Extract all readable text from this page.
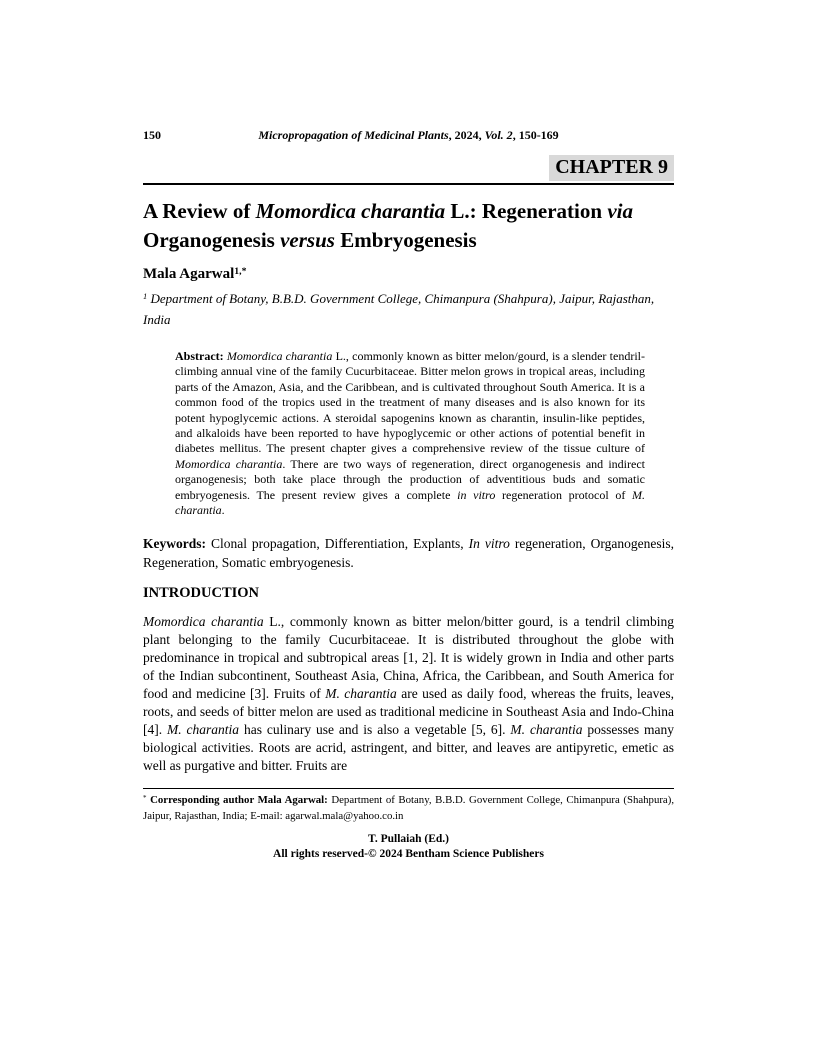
150	Micropropagation of Medicinal Plants, 2024, Vol. 2, 150-169
CHAPTER 9
A Review of Momordica charantia L.: Regeneration via Organogenesis versus Embryogenesis
Mala Agarwal$^{1,*}$
$^1$ Department of Botany, B.B.D. Government College, Chimanpura (Shahpura), Jaipur, Rajasthan, India

Abstract: Momordica charantia L., commonly known as bitter melon/gourd, is a slender tendril-climbing annual vine of the family Cucurbitaceae. Bitter melon grows in tropical areas, including parts of the Amazon, Asia, and the Caribbean, and is cultivated throughout South America. It is a common food of the tropics used in the treatment of many diseases and is also known for its potent hypoglycemic actions. A steroidal sapogenins known as charantin, insulin-like peptides, and alkaloids have been reported to have hypoglycemic or other actions of potential benefit in diabetes mellitus. The present chapter gives a comprehensive review of the tissue culture of Momordica charantia. There are two ways of regeneration, direct organogenesis and indirect organogenesis; both take place through the production of adventitious buds and somatic embryogenesis. The present review gives a complete in vitro regeneration protocol of M. charantia.

Keywords: Clonal propagation, Differentiation, Explants, In vitro regeneration, Organogenesis, Regeneration, Somatic embryogenesis.

INTRODUCTION

Momordica charantia L., commonly known as bitter melon/bitter gourd, is a tendril climbing plant belonging to the family Cucurbitaceae. It is distributed throughout the globe with predominance in tropical and subtropical areas [1, 2]. It is widely grown in India and other parts of the Indian subcontinent, Southeast Asia, China, Africa, the Caribbean, and South America for food and medicine [3]. Fruits of M. charantia are used as daily food, whereas the fruits, leaves, roots, and seeds of bitter melon are used as traditional medicine in Southeast Asia and Indo-China [4]. M. charantia has culinary use and is also a vegetable [5, 6]. M. charantia possesses many biological activities. Roots are acrid, astringent, and bitter, and leaves are antipyretic, emetic as well as purgative and bitter. Fruits are

* Corresponding author Mala Agarwal: Department of Botany, B.B.D. Government College, Chimanpura (Shahpura), Jaipur, Rajasthan, India; E-mail: agarwal.mala@yahoo.co.in

T. Pullaiah (Ed.)
All rights reserved-© 2024 Bentham Science Publishers
